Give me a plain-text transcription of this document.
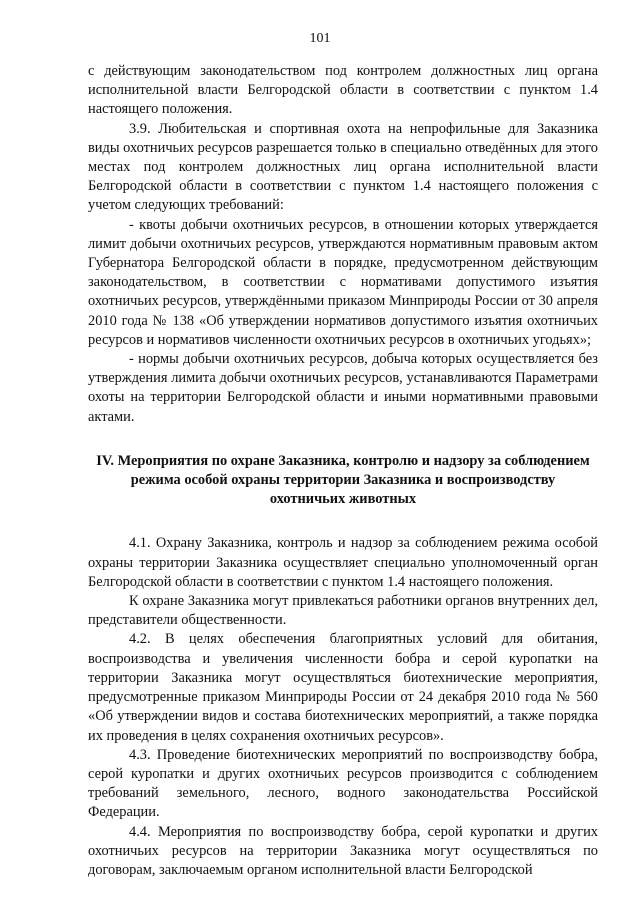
101

с действующим законодательством под контролем должностных лиц органа исполнительной власти Белгородской области в соответствии с пунктом 1.4 настоящего положения.

3.9. Любительская и спортивная охота на непрофильные для Заказника виды охотничьих ресурсов разрешается только в специально отведённых для этого местах под контролем должностных лиц органа исполнительной власти Белгородской области в соответствии с пунктом 1.4 настоящего положения с учетом следующих требований:

- квоты добычи охотничьих ресурсов, в отношении которых утверждается лимит добычи охотничьих ресурсов, утверждаются нормативным правовым актом Губернатора Белгородской области в порядке, предусмотренном действующим законодательством, в соответствии с нормативами допустимого изъятия охотничьих ресурсов, утверждёнными приказом Минприроды России от 30 апреля 2010 года № 138 «Об утверждении нормативов допустимого изъятия охотничьих ресурсов и нормативов численности охотничьих ресурсов в охотничьих угодьях»;

- нормы добычи охотничьих ресурсов, добыча которых осуществляется без утверждения лимита добычи охотничьих ресурсов, устанавливаются Параметрами охоты на территории Белгородской области и иными нормативными правовыми актами.

IV. Мероприятия по охране Заказника, контролю и надзору за соблюдением режима особой охраны территории Заказника и воспроизводству охотничьих животных

4.1. Охрану Заказника, контроль и надзор за соблюдением режима особой охраны территории Заказника осуществляет специально уполномоченный орган Белгородской области в соответствии с пунктом 1.4 настоящего положения.

К охране Заказника могут привлекаться работники органов внутренних дел, представители общественности.

4.2. В целях обеспечения благоприятных условий для обитания, воспроизводства и увеличения численности бобра и серой куропатки на территории Заказника могут осуществляться биотехнические мероприятия, предусмотренные приказом Минприроды России от 24 декабря 2010 года № 560 «Об утверждении видов и состава биотехнических мероприятий, а также порядка их проведения в целях сохранения охотничьих ресурсов».

4.3. Проведение биотехнических мероприятий по воспроизводству бобра, серой куропатки и других охотничьих ресурсов производится с соблюдением требований земельного, лесного, водного законодательства Российской Федерации.

4.4. Мероприятия по воспроизводству бобра, серой куропатки и других охотничьих ресурсов на территории Заказника могут осуществляться по договорам, заключаемым органом исполнительной власти Белгородской
